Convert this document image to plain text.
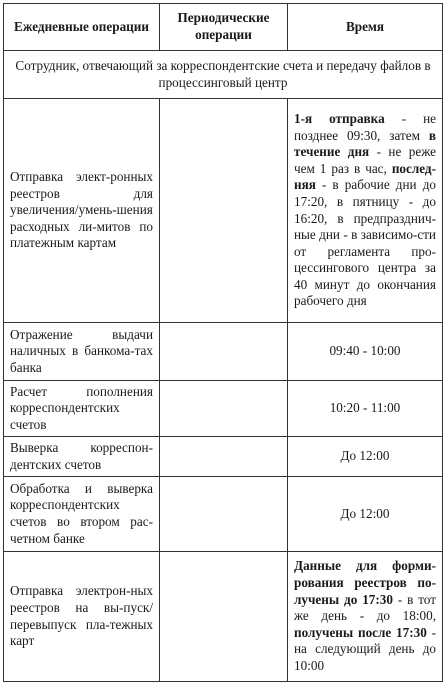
Ежедневные операции	Периодические операции	Время
Сотрудник, отвечающий за корреспондентские счета и передачу файлов в процессинговый центр		
Отправка элект-ронных реестров для увеличения/умень-шения расходных ли-митов по платежным картам		1-я отправка - не позднее 09:30, затем в течение дня - не реже чем 1 раз в час, послед-няя - в рабочие дни до 17:20, в пятницу - до 16:20, в предпразднич-ные дни - в зависимо-сти от регламента про-цессингового центра за 40 минут до окончания рабочего дня
Отражение выдачи наличных в банкома-тах банка		09:40 - 10:00
Расчет пополнения корреспондентских счетов		10:20 - 11:00
Выверка корреспон-дентских счетов		До 12:00
Обработка и выверка корреспондентских счетов во втором рас-четном банке		До 12:00
Отправка электрон-ных реестров на вы-пуск/перевыпуск пла-тежных карт		Данные для форми-рования реестров по-лучены до 17:30 - в тот же день - до 18:00, получены после 17:30 - на следующий день до 10:00
